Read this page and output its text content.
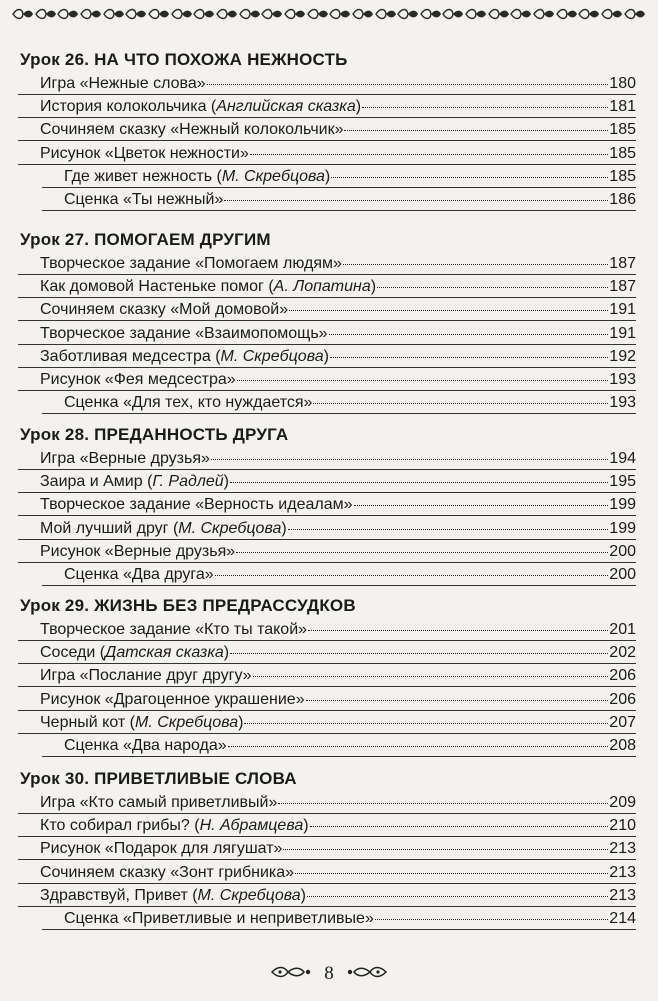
Урок 26. НА ЧТО ПОХОЖА НЕЖНОСТЬ
Игра «Нежные слова»	180
История колокольчика (Английская сказка)	181
Сочиняем сказку «Нежный колокольчик»	185
Рисунок «Цветок нежности»	185
Где живет нежность (М. Скребцова)	185
Сценка «Ты нежный»	186
Урок 27. ПОМОГАЕМ ДРУГИМ
Творческое задание «Помогаем людям»	187
Как домовой Настеньке помог (А. Лопатина)	187
Сочиняем сказку «Мой домовой»	191
Творческое задание «Взаимопомощь»	191
Заботливая медсестра (М. Скребцова)	192
Рисунок «Фея медсестра»	193
Сценка «Для тех, кто нуждается»	193
Урок 28. ПРЕДАННОСТЬ ДРУГА
Игра «Верные друзья»	194
Заира и Амир (Г. Радлей)	195
Творческое задание «Верность идеалам»	199
Мой лучший друг (М. Скребцова)	199
Рисунок «Верные друзья»	200
Сценка «Два друга»	200
Урок 29. ЖИЗНЬ БЕЗ ПРЕДРАССУДКОВ
Творческое задание «Кто ты такой»	201
Соседи (Датская сказка)	202
Игра «Послание друг другу»	206
Рисунок «Драгоценное украшение»	206
Черный кот (М. Скребцова)	207
Сценка «Два народа»	208
Урок 30. ПРИВЕТЛИВЫЕ СЛОВА
Игра «Кто самый приветливый»	209
Кто собирал грибы? (Н. Абрамцева)	210
Рисунок «Подарок для лягушат»	213
Сочиняем сказку «Зонт грибника»	213
Здравствуй, Привет (М. Скребцова)	213
Сценка «Приветливые и неприветливые»	214
8
